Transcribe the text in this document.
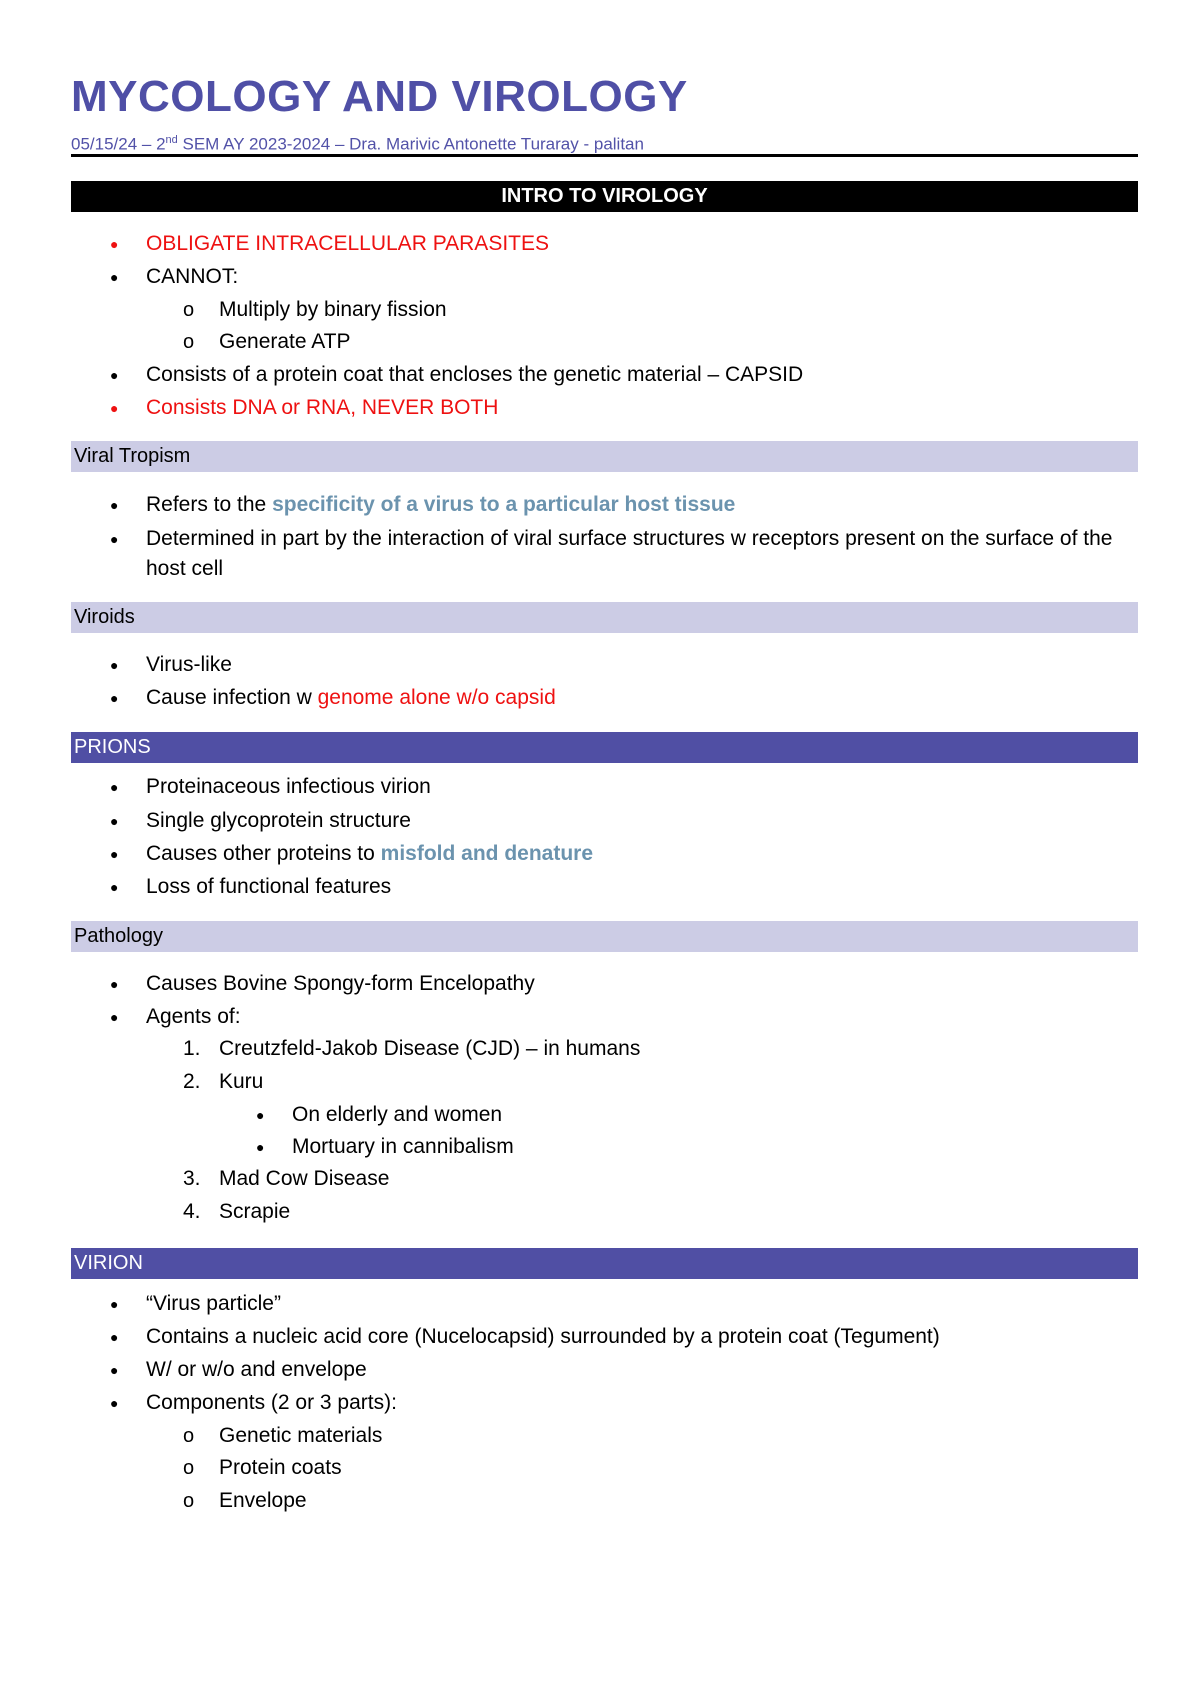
MYCOLOGY AND VIROLOGY
05/15/24 – 2nd SEM AY 2023-2024 – Dra. Marivic Antonette Turaray - palitan
INTRO TO VIROLOGY
● OBLIGATE INTRACELLULAR PARASITES
● CANNOT:
o Multiply by binary fission
o Generate ATP
● Consists of a protein coat that encloses the genetic material – CAPSID
● Consists DNA or RNA, NEVER BOTH
Viral Tropism
● Refers to the specificity of a virus to a particular host tissue
● Determined in part by the interaction of viral surface structures w receptors present on the surface of the host cell
Viroids
● Virus-like
● Cause infection w genome alone w/o capsid
PRIONS
● Proteinaceous infectious virion
● Single glycoprotein structure
● Causes other proteins to misfold and denature
● Loss of functional features
Pathology
● Causes Bovine Spongy-form Encelopathy
● Agents of:
1. Creutzfeld-Jakob Disease (CJD) – in humans
2. Kuru
● On elderly and women
● Mortuary in cannibalism
3. Mad Cow Disease
4. Scrapie
VIRION
● “Virus particle”
● Contains a nucleic acid core (Nucelocapsid) surrounded by a protein coat (Tegument)
● W/ or w/o and envelope
● Components (2 or 3 parts):
o Genetic materials
o Protein coats
o Envelope
